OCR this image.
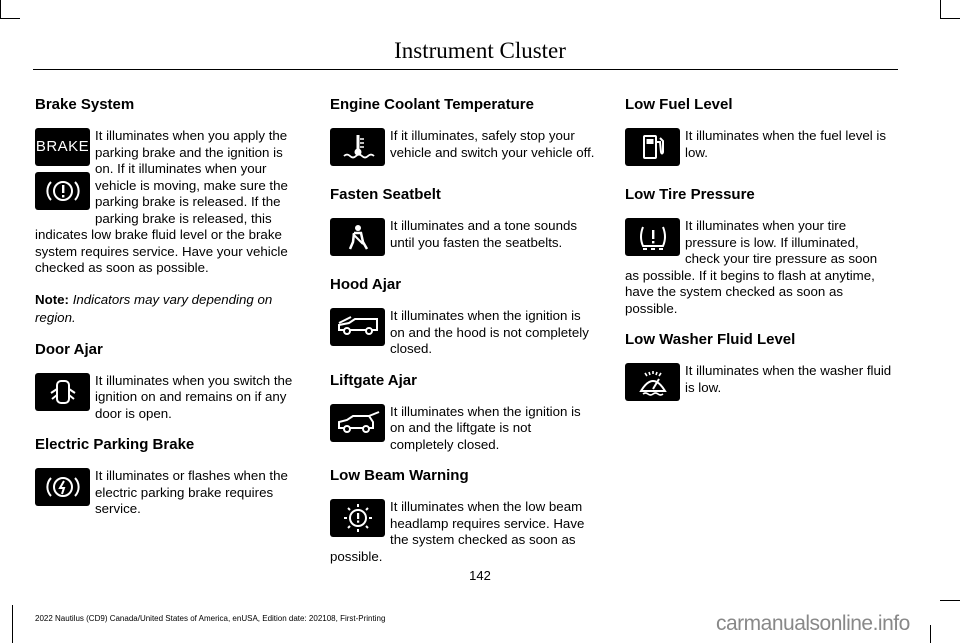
Instrument Cluster
Brake System
BRAKE
It illuminates when you apply the parking brake and the ignition is on. If it illuminates when your vehicle is moving, make sure the parking brake is released. If the parking brake is released, this indicates low brake fluid level or the brake system requires service. Have your vehicle checked as soon as possible.

Note: Indicators may vary depending on region.

Door Ajar
It illuminates when you switch the ignition on and remains on if any door is open.
Electric Parking Brake
It illuminates or flashes when the electric parking brake requires service.
Engine Coolant Temperature
If it illuminates, safely stop your vehicle and switch your vehicle off.
Fasten Seatbelt
It illuminates and a tone sounds until you fasten the seatbelts.
Hood Ajar
It illuminates when the ignition is on and the hood is not completely closed.
Liftgate Ajar
It illuminates when the ignition is on and the liftgate is not completely closed.
Low Beam Warning
It illuminates when the low beam headlamp requires service. Have the system checked as soon as possible.
Low Fuel Level
It illuminates when the fuel level is low.
Low Tire Pressure
It illuminates when your tire pressure is low. If illuminated, check your tire pressure as soon as possible. If it begins to flash at anytime, have the system checked as soon as possible.
Low Washer Fluid Level
It illuminates when the washer fluid is low.
142
2022 Nautilus (CD9) Canada/United States of America, enUSA, Edition date: 202108, First-Printing	carmanualsonline.info
